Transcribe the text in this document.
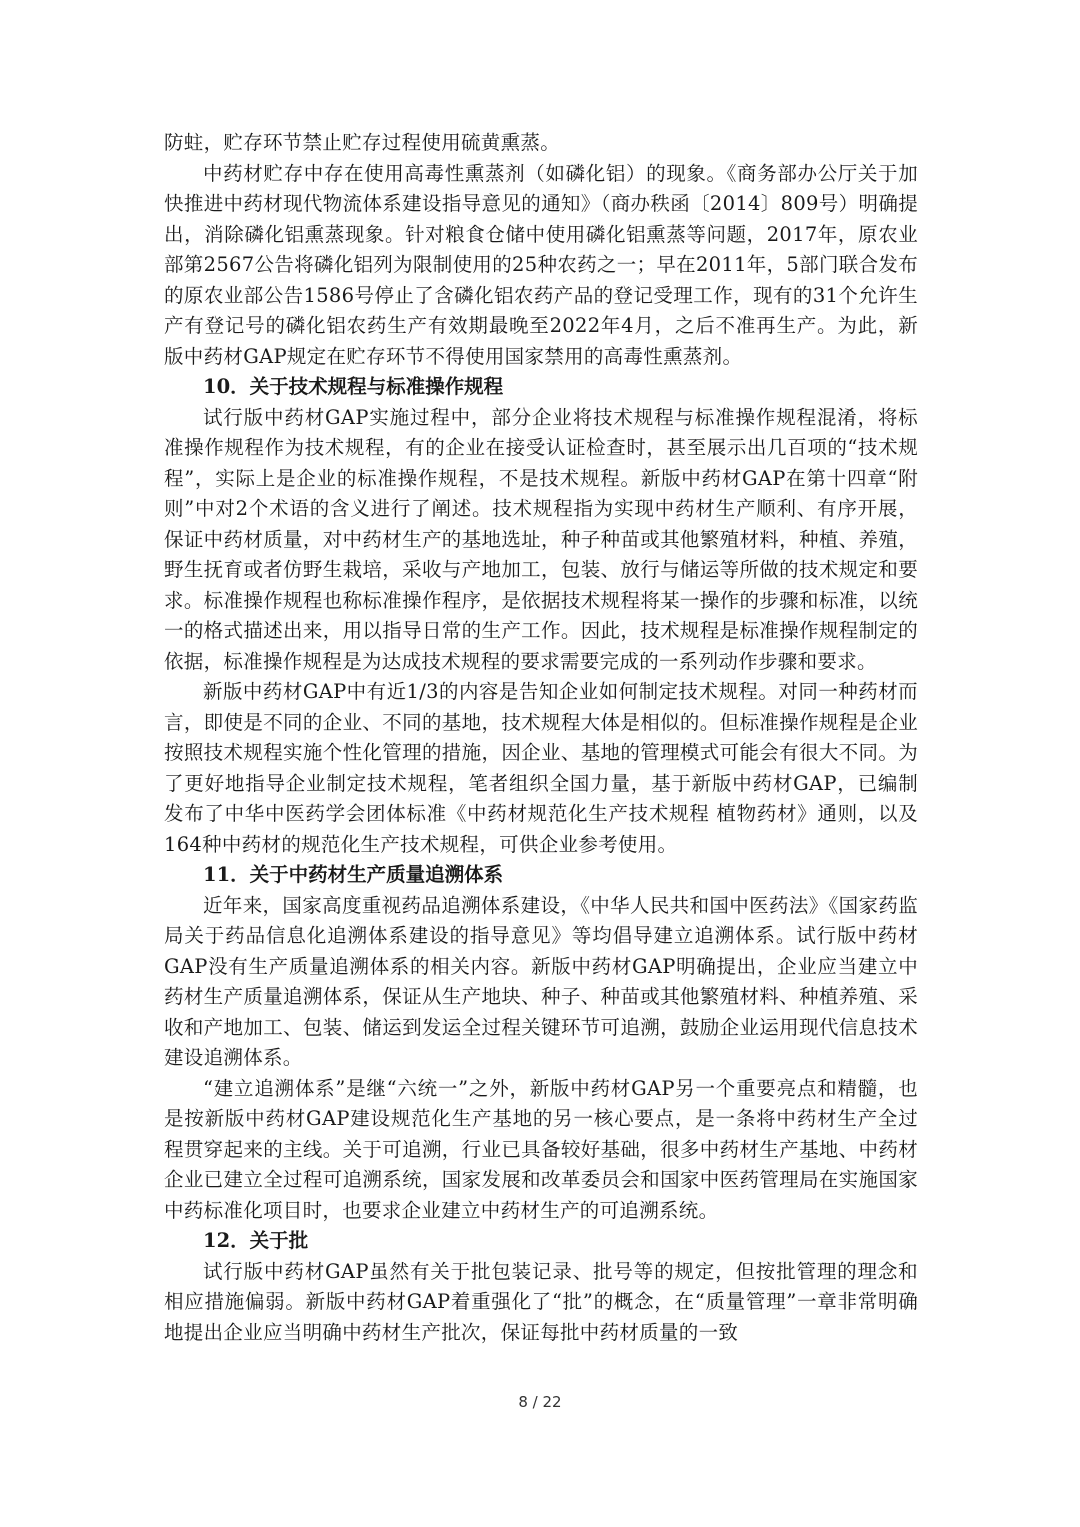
防蛀，贮存环节禁止贮存过程使用硫黄熏蒸。

中药材贮存中存在使用高毒性熏蒸剂（如磷化铝）的现象。《商务部办公厅关于加快推进中药材现代物流体系建设指导意见的通知》（商办秩函〔2014〕809号）明确提出，消除磷化铝熏蒸现象。针对粮食仓储中使用磷化铝熏蒸等问题，2017年，原农业部第2567公告将磷化铝列为限制使用的25种农药之一；早在2011年，5部门联合发布的原农业部公告1586号停止了含磷化铝农药产品的登记受理工作，现有的31个允许生产有登记号的磷化铝农药生产有效期最晚至2022年4月，之后不准再生产。为此，新版中药材GAP规定在贮存环节不得使用国家禁用的高毒性熏蒸剂。

10．关于技术规程与标准操作规程

试行版中药材GAP实施过程中，部分企业将技术规程与标准操作规程混淆，将标准操作规程作为技术规程，有的企业在接受认证检查时，甚至展示出几百项的“技术规程”，实际上是企业的标准操作规程，不是技术规程。新版中药材GAP在第十四章“附则”中对2个术语的含义进行了阐述。技术规程指为实现中药材生产顺利、有序开展，保证中药材质量，对中药材生产的基地选址，种子种苗或其他繁殖材料，种植、养殖，野生抚育或者仿野生栽培，采收与产地加工，包装、放行与储运等所做的技术规定和要求。标准操作规程也称标准操作程序，是依据技术规程将某一操作的步骤和标准，以统一的格式描述出来，用以指导日常的生产工作。因此，技术规程是标准操作规程制定的依据，标准操作规程是为达成技术规程的要求需要完成的一系列动作步骤和要求。

新版中药材GAP中有近1/3的内容是告知企业如何制定技术规程。对同一种药材而言，即使是不同的企业、不同的基地，技术规程大体是相似的。但标准操作规程是企业按照技术规程实施个性化管理的措施，因企业、基地的管理模式可能会有很大不同。为了更好地指导企业制定技术规程，笔者组织全国力量，基于新版中药材GAP，已编制发布了中华中医药学会团体标准《中药材规范化生产技术规程 植物药材》通则，以及164种中药材的规范化生产技术规程，可供企业参考使用。

11．关于中药材生产质量追溯体系

近年来，国家高度重视药品追溯体系建设，《中华人民共和国中医药法》《国家药监局关于药品信息化追溯体系建设的指导意见》等均倡导建立追溯体系。试行版中药材GAP没有生产质量追溯体系的相关内容。新版中药材GAP明确提出，企业应当建立中药材生产质量追溯体系，保证从生产地块、种子、种苗或其他繁殖材料、种植养殖、采收和产地加工、包装、储运到发运全过程关键环节可追溯，鼓励企业运用现代信息技术建设追溯体系。

“建立追溯体系”是继“六统一”之外，新版中药材GAP另一个重要亮点和精髓，也是按新版中药材GAP建设规范化生产基地的另一核心要点，是一条将中药材生产全过程贯穿起来的主线。关于可追溯，行业已具备较好基础，很多中药材生产基地、中药材企业已建立全过程可追溯系统，国家发展和改革委员会和国家中医药管理局在实施国家中药标准化项目时，也要求企业建立中药材生产的可追溯系统。

12．关于批

试行版中药材GAP虽然有关于批包装记录、批号等的规定，但按批管理的理念和相应措施偏弱。新版中药材GAP着重强化了“批”的概念，在“质量管理”一章非常明确地提出企业应当明确中药材生产批次，保证每批中药材质量的一致

8 / 22
